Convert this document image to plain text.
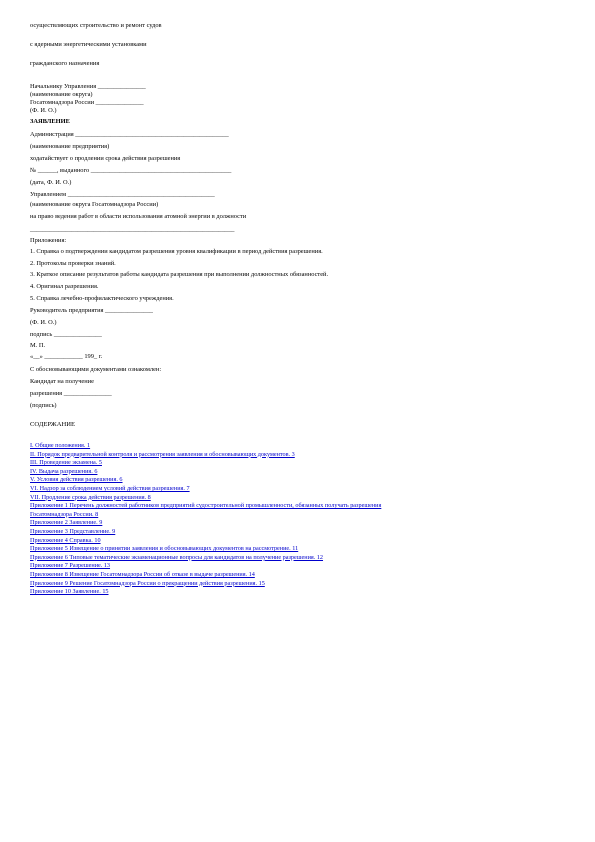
осуществляющих строительство и ремонт судов
с ядерными энергетическими установками
гражданского назначения
Начальнику Управления _______________
(наименование округа)
Госатомнадзора России _______________
(Ф. И. О.)
ЗАЯВЛЕНИЕ
Администрация ________________________________________________
(наименование предприятия)
ходатайствует о продлении срока действия разрешения
№ ______, выданного ____________________________________________
(дата, Ф. И. О.)
Управлением ______________________________________________
(наименование округа Госатомнадзора России)
на право ведения работ в области использования атомной энергии в должности
________________________________________________________________
Приложения:
1. Справка о подтверждении кандидатом разрешения уровня квалификации в период действия разрешения.
2. Протоколы проверки знаний.
3. Краткое описание результатов работы кандидата разрешения при выполнении должностных обязанностей.
4. Оригинал разрешения.
5. Справка лечебно-профилактического учреждения.
Руководитель предприятия _______________
(Ф. И. О.)
подпись _______________
М. П.
«__» ____________ 199_ г.
С обосновывающими документами ознакомлен:
Кандидат на получение
разрешения _______________
(подпись)
СОДЕРЖАНИЕ
I. Общие положения. 1
II. Порядок предварительной контроля и рассмотрения заявления и обосновывающих документов. 3
III. Проведение экзамена. 5
IV. Выдача разрешения. 6
V. Условия действия разрешения. 6
VI. Надзор за соблюдением условий действия разрешения. 7
VII. Продление срока действия разрешения. 8
Приложение 1 Перечень должностей работников предприятий судостроительной промышленности, обязанных получать разрешения
Госатомнадзора России. 8
Приложение 2 Заявление. 9
Приложение 3 Представление. 9
Приложение 4 Справка. 10
Приложение 5 Извещение о принятии заявления и обосновывающих документов на рассмотрение. 11
Приложение 6 Типовые тематические экзаменационные вопросы для кандидатов на получение разрешения. 12
Приложение 7 Разрешение. 13
Приложение 8 Извещение Госатомнадзора России об отказе в выдаче разрешения. 14
Приложение 9 Решение Госатомнадзора России о прекращении действия разрешения. 15
Приложение 10 Заявление. 15
